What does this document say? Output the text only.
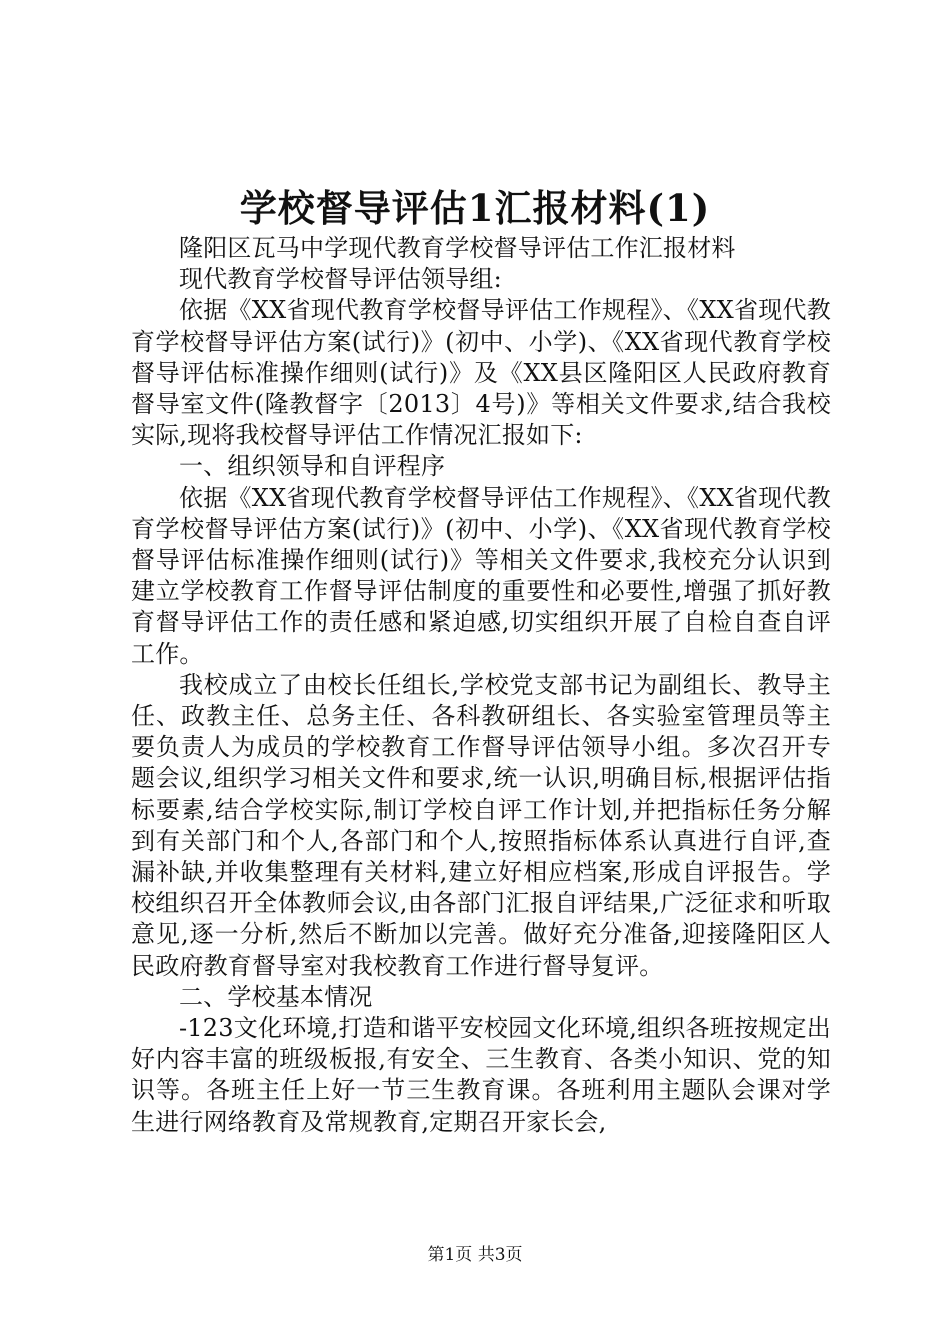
学校督导评估1汇报材料(1)

隆阳区瓦马中学现代教育学校督导评估工作汇报材料

现代教育学校督导评估领导组:

依据《XX省现代教育学校督导评估工作规程》、《XX省现代教育学校督导评估方案(试行)》(初中、小学)、《XX省现代教育学校督导评估标准操作细则(试行)》及《XX县区隆阳区人民政府教育督导室文件(隆教督字〔2013〕4号)》等相关文件要求,结合我校实际,现将我校督导评估工作情况汇报如下:

一、组织领导和自评程序

依据《XX省现代教育学校督导评估工作规程》、《XX省现代教育学校督导评估方案(试行)》(初中、小学)、《XX省现代教育学校督导评估标准操作细则(试行)》等相关文件要求,我校充分认识到建立学校教育工作督导评估制度的重要性和必要性,增强了抓好教育督导评估工作的责任感和紧迫感,切实组织开展了自检自查自评工作。

我校成立了由校长任组长,学校党支部书记为副组长、教导主任、政教主任、总务主任、各科教研组长、各实验室管理员等主要负责人为成员的学校教育工作督导评估领导小组。多次召开专题会议,组织学习相关文件和要求,统一认识,明确目标,根据评估指标要素,结合学校实际,制订学校自评工作计划,并把指标任务分解到有关部门和个人,各部门和个人,按照指标体系认真进行自评,查漏补缺,并收集整理有关材料,建立好相应档案,形成自评报告。学校组织召开全体教师会议,由各部门汇报自评结果,广泛征求和听取意见,逐一分析,然后不断加以完善。做好充分准备,迎接隆阳区人民政府教育督导室对我校教育工作进行督导复评。

二、学校基本情况

-123文化环境,打造和谐平安校园文化环境,组织各班按规定出好内容丰富的班级板报,有安全、三生教育、各类小知识、党的知识等。各班主任上好一节三生教育课。各班利用主题队会课对学生进行网络教育及常规教育,定期召开家长会,

第1页 共3页
